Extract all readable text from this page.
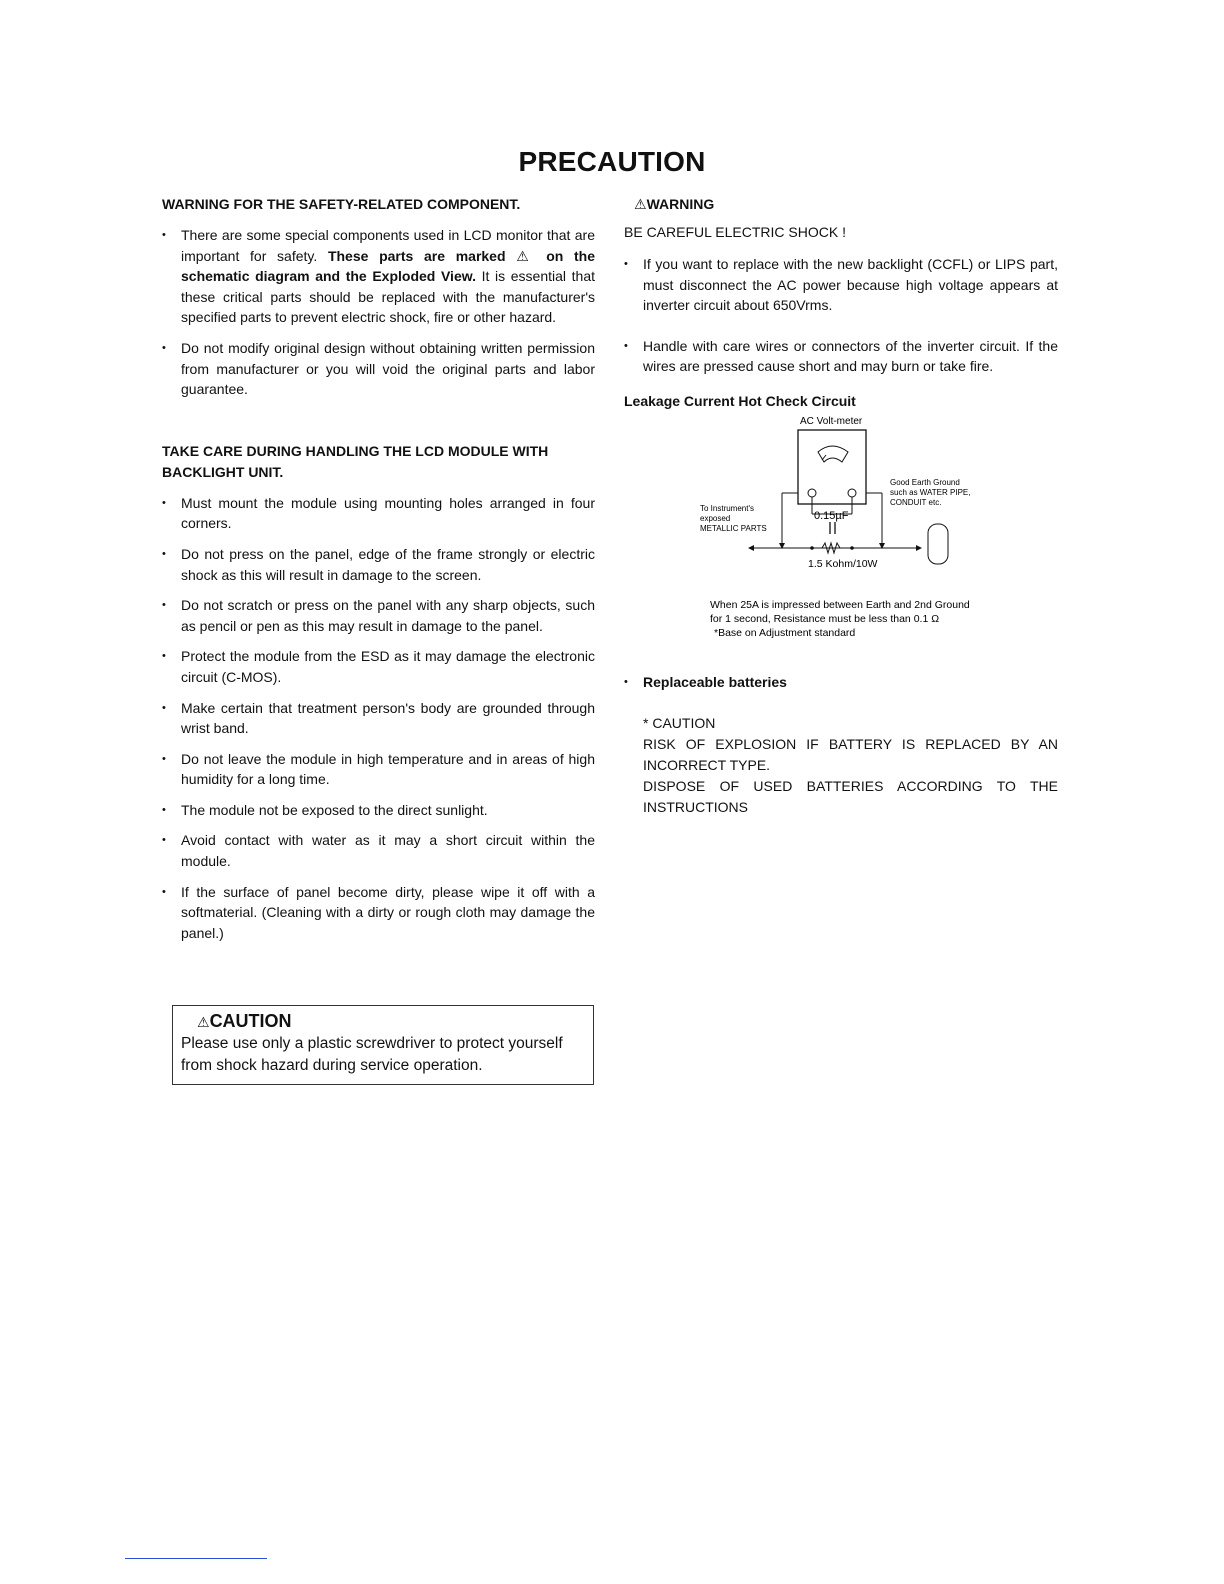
PRECAUTION

WARNING FOR THE SAFETY-RELATED COMPONENT.

• There are some special components used in LCD monitor that are important for safety. These parts are marked ⚠ on the schematic diagram and the Exploded View. It is essential that these critical parts should be replaced with the manufacturer's specified parts to prevent electric shock, fire or other hazard.
• Do not modify original design without obtaining written permission from manufacturer or you will void the original parts and labor guarantee.

TAKE CARE DURING HANDLING THE LCD MODULE WITH BACKLIGHT UNIT.

• Must mount the module using mounting holes arranged in four corners.
• Do not press on the panel, edge of the frame strongly or electric shock as this will result in damage to the screen.
• Do not scratch or press on the panel with any sharp objects, such as pencil or pen as this may result in damage to the panel.
• Protect the module from the ESD as it may damage the electronic circuit (C-MOS).
• Make certain that treatment person's body are grounded through wrist band.
• Do not leave the module in high temperature and in areas of high humidity for a long time.
• The module not be exposed to the direct sunlight.
• Avoid contact with water as it may a short circuit within the module.
• If the surface of panel become dirty, please wipe it off with a softmaterial. (Cleaning with a dirty or rough cloth may damage the panel.)
⚠CAUTION
Please use only a plastic screwdriver to protect yourself from shock hazard during service operation.

⚠WARNING

BE CAREFUL ELECTRIC SHOCK !

• If you want to replace with the new backlight (CCFL) or LIPS part, must disconnect the AC power because high voltage appears at inverter circuit about 650Vrms.
• Handle with care wires or connectors of the inverter circuit. If the wires are pressed cause short and may burn or take fire.

Leakage Current Hot Check Circuit

AC Volt-meter
0.15µF
1.5 Kohm/10W
Good Earth Ground
such as WATER PIPE,
CONDUIT etc.
To Instrument's
exposed
METALLIC PARTS
When 25A is impressed between Earth and 2nd Ground
for 1 second, Resistance must be less than 0.1 Ω
*Base on Adjustment standard
• Replaceable batteries

* CAUTION

RISK OF EXPLOSION IF BATTERY IS REPLACED BY AN INCORRECT TYPE.

DISPOSE OF USED BATTERIES ACCORDING TO THE INSTRUCTIONS
